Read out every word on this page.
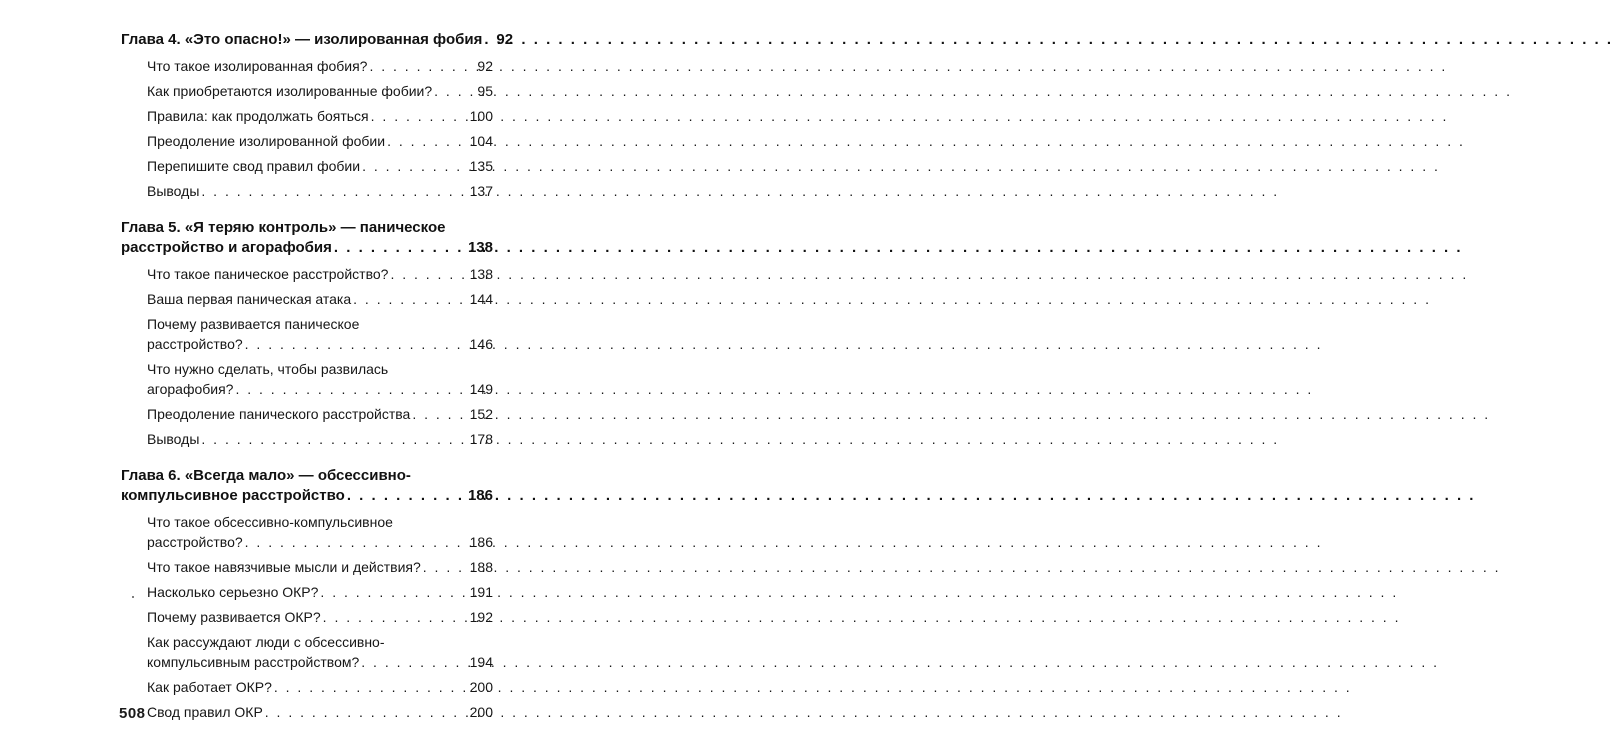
Глава 4. «Это опасно!» — изолированная фобия . . . 92
Что такое изолированная фобия? . . .	92
Как приобретаются изолированные фобии? . . .	95
Правила: как продолжать бояться . . .	100
Преодоление изолированной фобии . . .	104
Перепишите свод правил фобии . . .	135
Выводы . . .	137
Глава 5. «Я теряю контроль» — паническое
расстройство и агорафобия . . .	138
Что такое паническое расстройство? . . .	138
Ваша первая паническая атака . . .	144
Почему развивается паническое
расстройство? . . .	146
Что нужно сделать, чтобы развилась
агорафобия? . . .	149
Преодоление панического расстройства . . .	152
Выводы . . .	178
Глава 6. «Всегда мало» — обсессивно-
компульсивное расстройство . . .	186
Что такое обсессивно-компульсивное
расстройство? . . .	186
Что такое навязчивые мысли и действия? . . .	188
Насколько серьезно ОКР? . . .	191
Почему развивается ОКР? . . .	192
Как рассуждают люди с обсессивно-
компульсивным расстройством? . . .	194
Как работает ОКР? . . .	200
Свод правил ОКР . . .	200
508
